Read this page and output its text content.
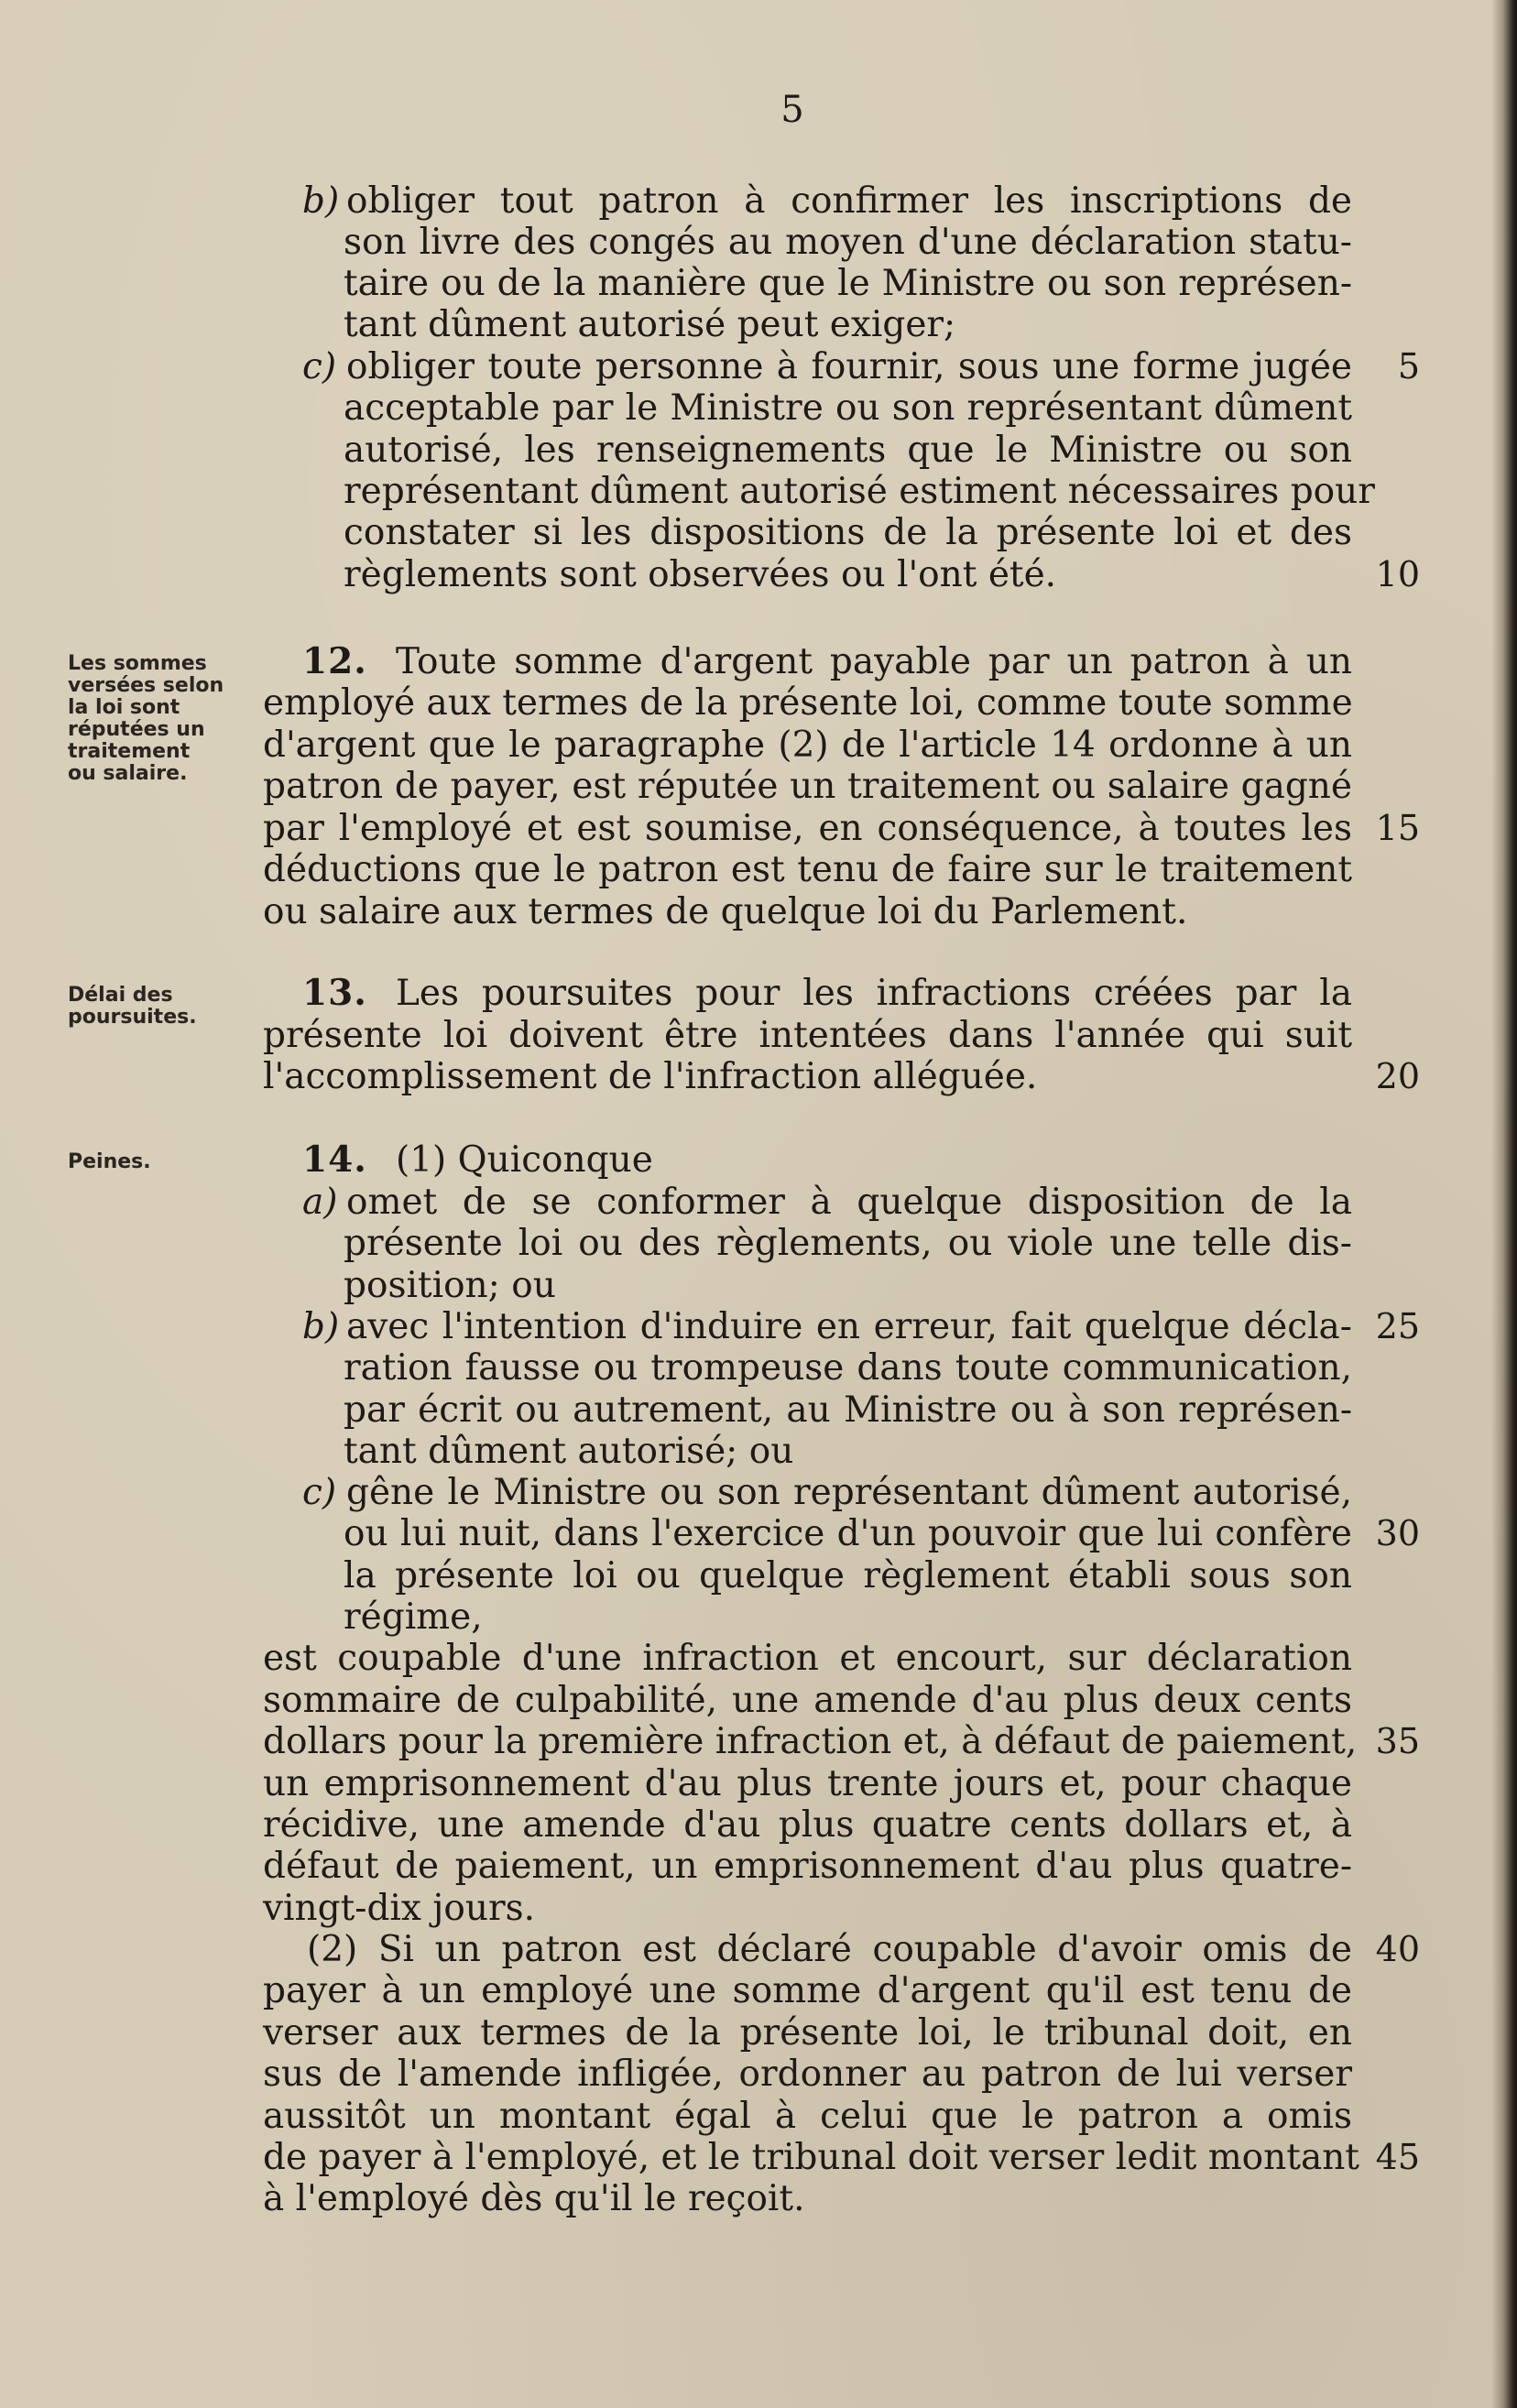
5
b) obliger tout patron à confirmer les inscriptions de
son livre des congés au moyen d'une déclaration statu-
taire ou de la manière que le Ministre ou son représen-
tant dûment autorisé peut exiger;
c) obliger toute personne à fournir, sous une forme jugée
acceptable par le Ministre ou son représentant dûment
autorisé, les renseignements que le Ministre ou son
représentant dûment autorisé estiment nécessaires pour
constater si les dispositions de la présente loi et des
règlements sont observées ou l'ont été.
Les sommes
versées selon
la loi sont
réputées un
traitement
ou salaire.
12. Toute somme d'argent payable par un patron à un
employé aux termes de la présente loi, comme toute somme
d'argent que le paragraphe (2) de l'article 14 ordonne à un
patron de payer, est réputée un traitement ou salaire gagné
par l'employé et est soumise, en conséquence, à toutes les
déductions que le patron est tenu de faire sur le traitement
ou salaire aux termes de quelque loi du Parlement.
Délai des
poursuites.
13. Les poursuites pour les infractions créées par la
présente loi doivent être intentées dans l'année qui suit
l'accomplissement de l'infraction alléguée.
Peines.	14. (1) Quiconque
a) omet de se conformer à quelque disposition de la
présente loi ou des règlements, ou viole une telle dis-
position; ou
b) avec l'intention d'induire en erreur, fait quelque décla-
ration fausse ou trompeuse dans toute communication,
par écrit ou autrement, au Ministre ou à son représen-
tant dûment autorisé; ou
c) gêne le Ministre ou son représentant dûment autorisé,
ou lui nuit, dans l'exercice d'un pouvoir que lui confère
la présente loi ou quelque règlement établi sous son
régime,
est coupable d'une infraction et encourt, sur déclaration
sommaire de culpabilité, une amende d'au plus deux cents
dollars pour la première infraction et, à défaut de paiement,
un emprisonnement d'au plus trente jours et, pour chaque
récidive, une amende d'au plus quatre cents dollars et, à
défaut de paiement, un emprisonnement d'au plus quatre-
vingt-dix jours.
(2) Si un patron est déclaré coupable d'avoir omis de
payer à un employé une somme d'argent qu'il est tenu de
verser aux termes de la présente loi, le tribunal doit, en
sus de l'amende infligée, ordonner au patron de lui verser
aussitôt un montant égal à celui que le patron a omis
de payer à l'employé, et le tribunal doit verser ledit montant
à l'employé dès qu'il le reçoit.
5
10
15
20
25
30
35
40
45
